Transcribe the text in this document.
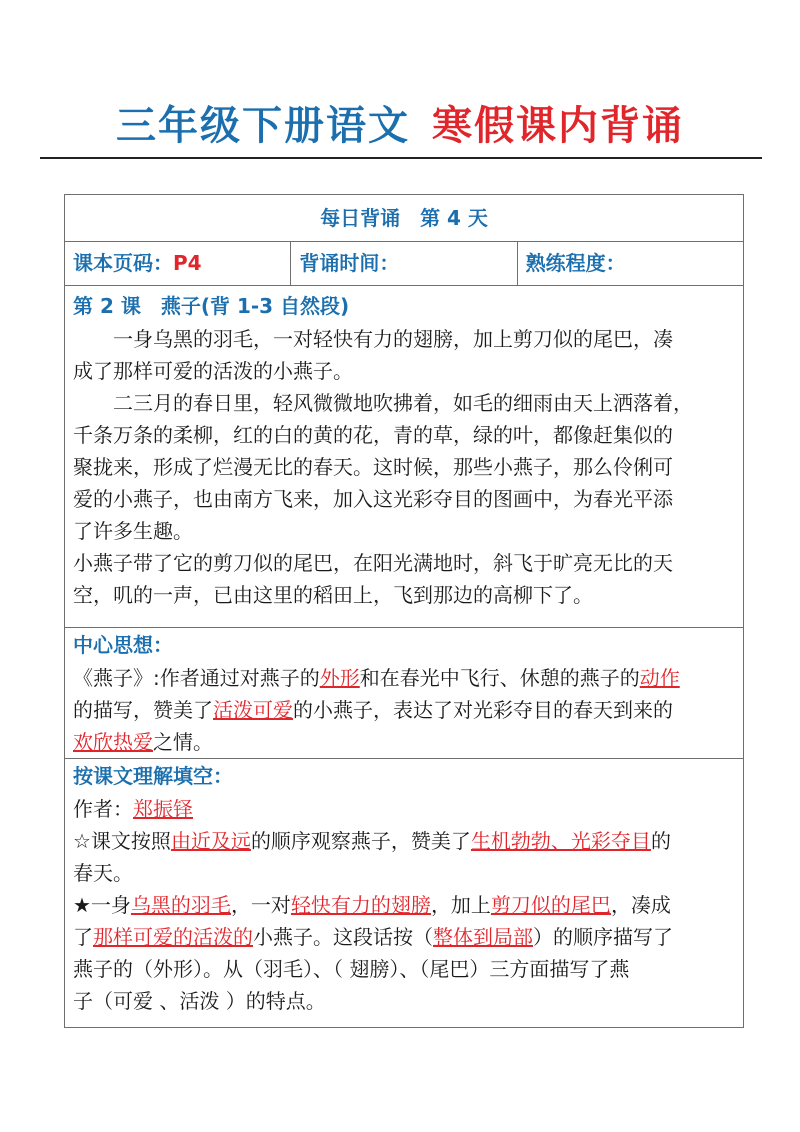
三年级下册语文 寒假课内背诵
每日背诵　第 4 天
课本页码：P4	背诵时间：	熟练程度：
第 2 课　燕子(背 1-3 自然段)
一身乌黑的羽毛，一对轻快有力的翅膀，加上剪刀似的尾巴，凑
成了那样可爱的活泼的小燕子。
二三月的春日里，轻风微微地吹拂着，如毛的细雨由天上洒落着，
千条万条的柔柳，红的白的黄的花，青的草，绿的叶，都像赶集似的
聚拢来，形成了烂漫无比的春天。这时候，那些小燕子，那么伶俐可
爱的小燕子，也由南方飞来，加入这光彩夺目的图画中，为春光平添
了许多生趣。
小燕子带了它的剪刀似的尾巴，在阳光满地时，斜飞于旷亮无比的天
空，叽的一声，已由这里的稻田上，飞到那边的高柳下了。
中心思想：
《燕子》:作者通过对燕子的外形和在春光中飞行、休憩的燕子的动作
的描写，赞美了活泼可爱的小燕子，表达了对光彩夺目的春天到来的
欢欣热爱之情。
按课文理解填空：
作者：郑振铎
☆课文按照由近及远的顺序观察燕子，赞美了生机勃勃、光彩夺目的
春天。
★一身乌黑的羽毛，一对轻快有力的翅膀，加上剪刀似的尾巴，凑成
了那样可爱的活泼的小燕子。这段话按（整体到局部）的顺序描写了
燕子的（外形）。从（羽毛）、（ 翅膀）、（尾巴）三方面描写了燕
子（可爱 、活泼 ）的特点。
